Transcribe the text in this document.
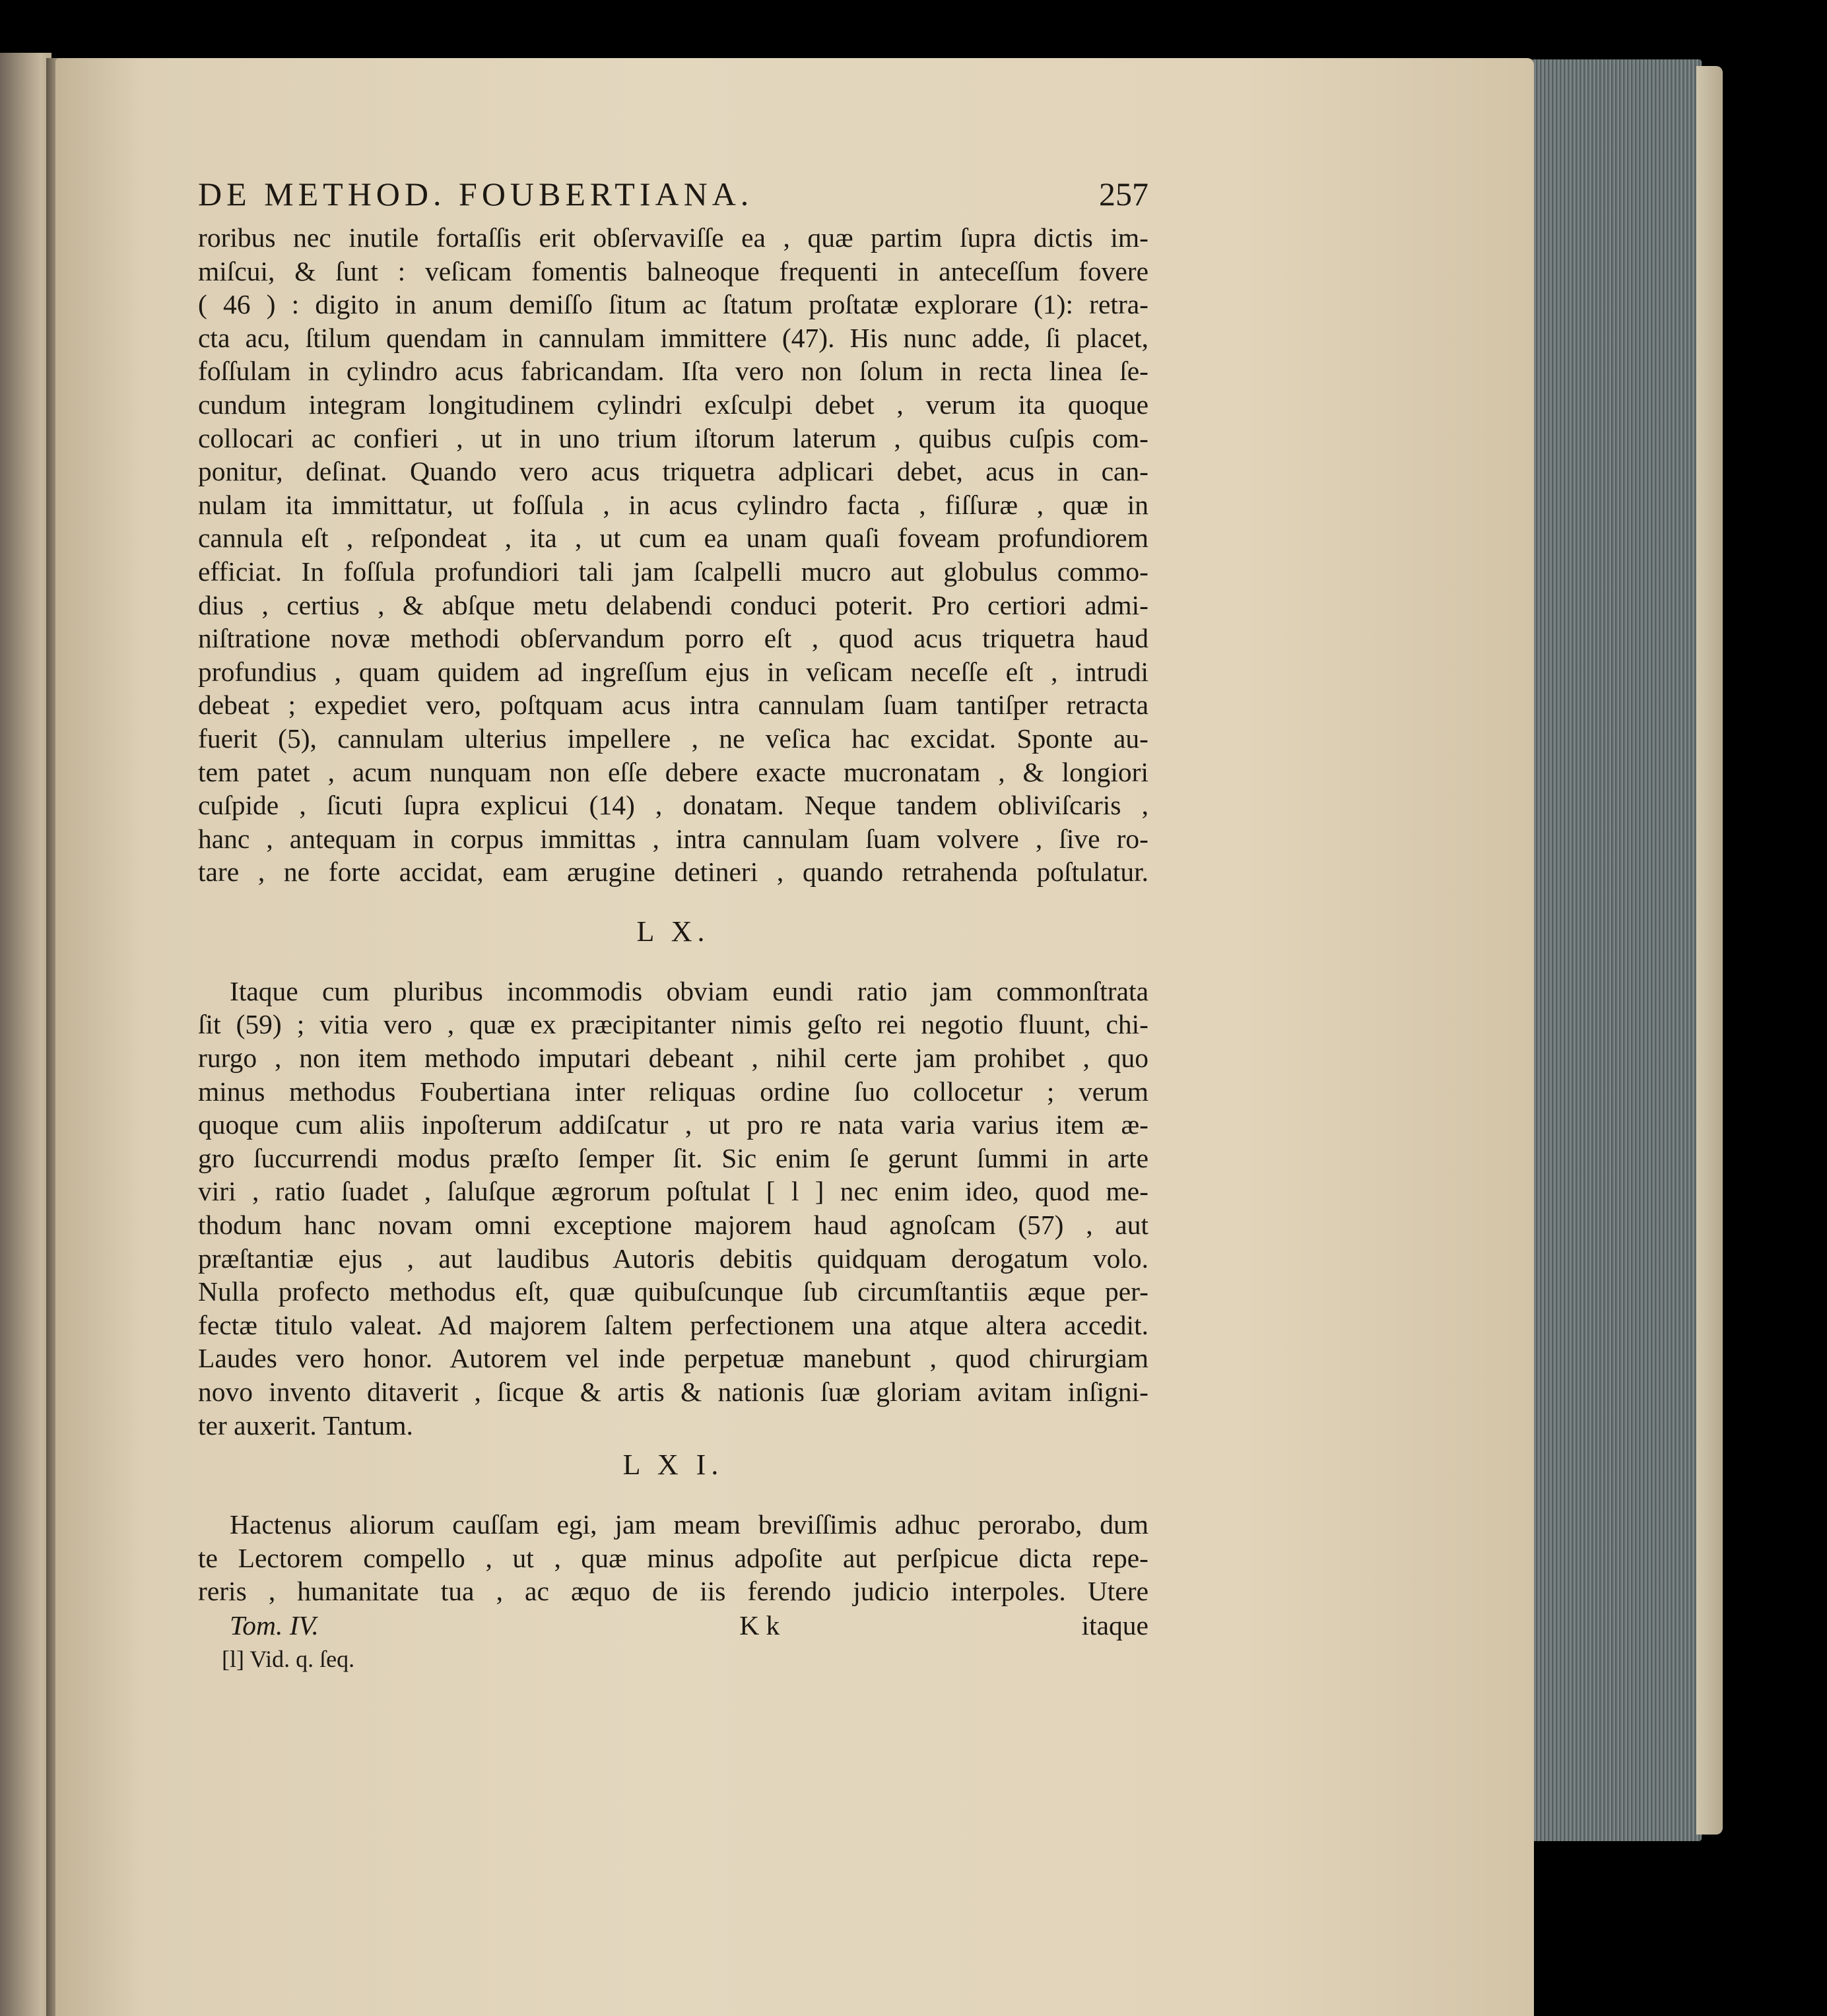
DE METHOD. FOUBERTIANA.	257
roribus nec inutile fortaſſis erit obſervaviſſe ea , quæ partim ſupra dictis im-
miſcui, & ſunt : veſicam fomentis balneoque frequenti in anteceſſum fovere
( 46 ) : digito in anum demiſſo ſitum ac ſtatum proſtatæ explorare (1): retra-
cta acu, ſtilum quendam in cannulam immittere (47). His nunc adde, ſi placet,
foſſulam in cylindro acus fabricandam. Iſta vero non ſolum in recta linea ſe-
cundum integram longitudinem cylindri exſculpi debet , verum ita quoque
collocari ac confieri , ut in uno trium iſtorum laterum , quibus cuſpis com-
ponitur, deſinat. Quando vero acus triquetra adplicari debet, acus in can-
nulam ita immittatur, ut foſſula , in acus cylindro facta , fiſſuræ , quæ in
cannula eſt , reſpondeat , ita , ut cum ea unam quaſi foveam profundiorem
efficiat. In foſſula profundiori tali jam ſcalpelli mucro aut globulus commo-
dius , certius , & abſque metu delabendi conduci poterit. Pro certiori admi-
niſtratione novæ methodi obſervandum porro eſt , quod acus triquetra haud
profundius , quam quidem ad ingreſſum ejus in veſicam neceſſe eſt , intrudi
debeat ; expediet vero, poſtquam acus intra cannulam ſuam tantiſper retracta
fuerit (5), cannulam ulterius impellere , ne veſica hac excidat. Sponte au-
tem patet , acum nunquam non eſſe debere exacte mucronatam , & longiori
cuſpide , ſicuti ſupra explicui (14) , donatam. Neque tandem obliviſcaris ,
hanc , antequam in corpus immittas , intra cannulam ſuam volvere , ſive ro-
tare , ne forte accidat, eam ærugine detineri , quando retrahenda poſtulatur.
L X.
Itaque cum pluribus incommodis obviam eundi ratio jam commonſtrata
ſit (59) ; vitia vero , quæ ex præcipitanter nimis geſto rei negotio fluunt, chi-
rurgo , non item methodo imputari debeant , nihil certe jam prohibet , quo
minus methodus Foubertiana inter reliquas ordine ſuo collocetur ; verum
quoque cum aliis inpoſterum addiſcatur , ut pro re nata varia varius item æ-
gro ſuccurrendi modus præſto ſemper ſit. Sic enim ſe gerunt ſummi in arte
viri , ratio ſuadet , ſaluſque ægrorum poſtulat [ l ] nec enim ideo, quod me-
thodum hanc novam omni exceptione majorem haud agnoſcam (57) , aut
præſtantiæ ejus , aut laudibus Autoris debitis quidquam derogatum volo.
Nulla profecto methodus eſt, quæ quibuſcunque ſub circumſtantiis æque per-
fectæ titulo valeat. Ad majorem ſaltem perfectionem una atque altera accedit.
Laudes vero honor. Autorem vel inde perpetuæ manebunt , quod chirurgiam
novo invento ditaverit , ſicque & artis & nationis ſuæ gloriam avitam inſigni-
ter auxerit. Tantum.
L X I.
Hactenus aliorum cauſſam egi, jam meam breviſſimis adhuc perorabo, dum
te Lectorem compello , ut , quæ minus adpoſite aut perſpicue dicta repe-
reris , humanitate tua , ac æquo de iis ferendo judicio interpoles. Utere
Tom. IV.	K k	itaque
[l] Vid. q. ſeq.
